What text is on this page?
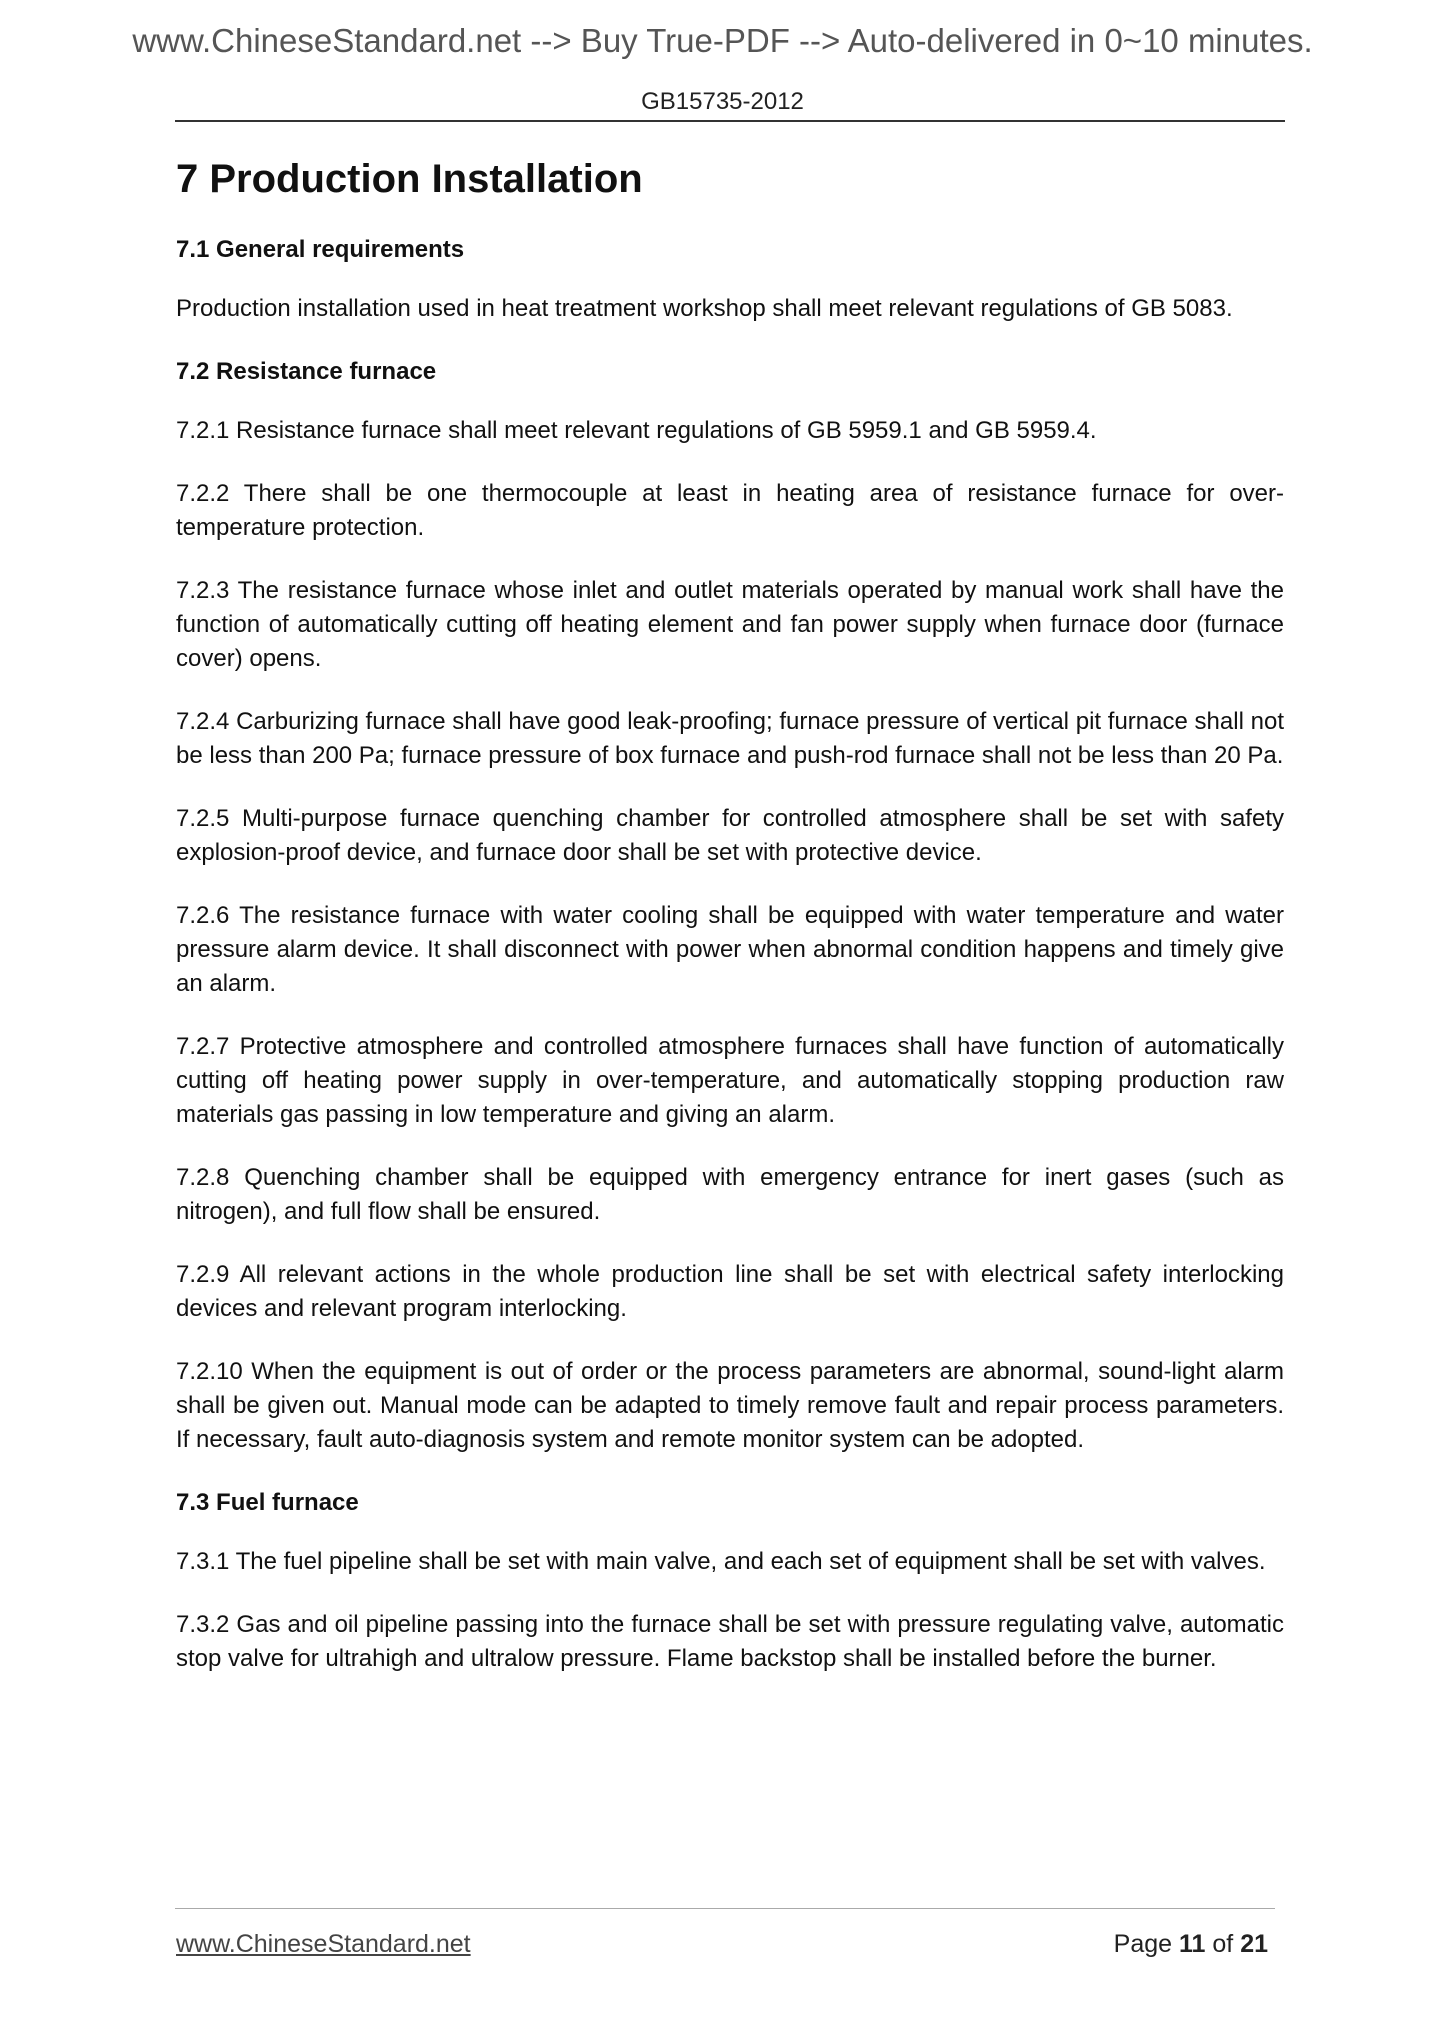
www.ChineseStandard.net --> Buy True-PDF --> Auto-delivered in 0~10 minutes.
GB15735-2012
7 Production Installation
7.1 General requirements

Production installation used in heat treatment workshop shall meet relevant regulations of GB 5083.

7.2 Resistance furnace

7.2.1 Resistance furnace shall meet relevant regulations of GB 5959.1 and GB 5959.4.

7.2.2 There shall be one thermocouple at least in heating area of resistance furnace for over-temperature protection.

7.2.3 The resistance furnace whose inlet and outlet materials operated by manual work shall have the function of automatically cutting off heating element and fan power supply when furnace door (furnace cover) opens.

7.2.4 Carburizing furnace shall have good leak-proofing; furnace pressure of vertical pit furnace shall not be less than 200 Pa; furnace pressure of box furnace and push-rod furnace shall not be less than 20 Pa.

7.2.5 Multi-purpose furnace quenching chamber for controlled atmosphere shall be set with safety explosion-proof device, and furnace door shall be set with protective device.

7.2.6 The resistance furnace with water cooling shall be equipped with water temperature and water pressure alarm device. It shall disconnect with power when abnormal condition happens and timely give an alarm.

7.2.7 Protective atmosphere and controlled atmosphere furnaces shall have function of automatically cutting off heating power supply in over-temperature, and automatically stopping production raw materials gas passing in low temperature and giving an alarm.

7.2.8 Quenching chamber shall be equipped with emergency entrance for inert gases (such as nitrogen), and full flow shall be ensured.

7.2.9 All relevant actions in the whole production line shall be set with electrical safety interlocking devices and relevant program interlocking.

7.2.10 When the equipment is out of order or the process parameters are abnormal, sound-light alarm shall be given out. Manual mode can be adapted to timely remove fault and repair process parameters. If necessary, fault auto-diagnosis system and remote monitor system can be adopted.

7.3 Fuel furnace

7.3.1 The fuel pipeline shall be set with main valve, and each set of equipment shall be set with valves.

7.3.2 Gas and oil pipeline passing into the furnace shall be set with pressure regulating valve, automatic stop valve for ultrahigh and ultralow pressure. Flame backstop shall be installed before the burner.

www.ChineseStandard.net	Page 11 of 21
